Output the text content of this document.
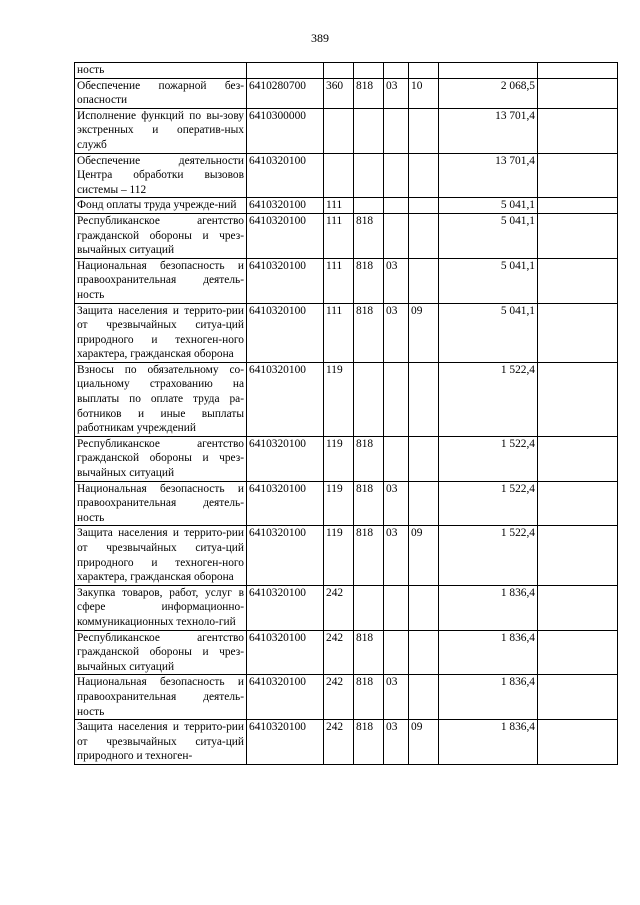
389
ность							
Обеспечение пожарной без-опасности	6410280700	360	818	03	10	2 068,5	
Исполнение функций по вы-зову экстренных и оператив-ных служб	6410300000					13 701,4	
Обеспечение деятельности Центра обработки вызовов системы – 112	6410320100					13 701,4	
Фонд оплаты труда учрежде-ний	6410320100	111				5 041,1	
Республиканское агентство гражданской обороны и чрез-вычайных ситуаций	6410320100	111	818			5 041,1	
Национальная безопасность и правоохранительная деятель-ность	6410320100	111	818	03		5 041,1	
Защита населения и террито-рии от чрезвычайных ситуа-ций природного и техноген-ного характера, гражданская оборона	6410320100	111	818	03	09	5 041,1	
Взносы по обязательному со-циальному страхованию на выплаты по оплате труда ра-ботников и иные выплаты работникам учреждений	6410320100	119				1 522,4	
Республиканское агентство гражданской обороны и чрез-вычайных ситуаций	6410320100	119	818			1 522,4	
Национальная безопасность и правоохранительная деятель-ность	6410320100	119	818	03		1 522,4	
Защита населения и террито-рии от чрезвычайных ситуа-ций природного и техноген-ного характера, гражданская оборона	6410320100	119	818	03	09	1 522,4	
Закупка товаров, работ, услуг в сфере информационно-коммуникационных техноло-гий	6410320100	242				1 836,4	
Республиканское агентство гражданской обороны и чрез-вычайных ситуаций	6410320100	242	818			1 836,4	
Национальная безопасность и правоохранительная деятель-ность	6410320100	242	818	03		1 836,4	
Защита населения и террито-рии от чрезвычайных ситуа-ций природного и техноген-	6410320100	242	818	03	09	1 836,4	
